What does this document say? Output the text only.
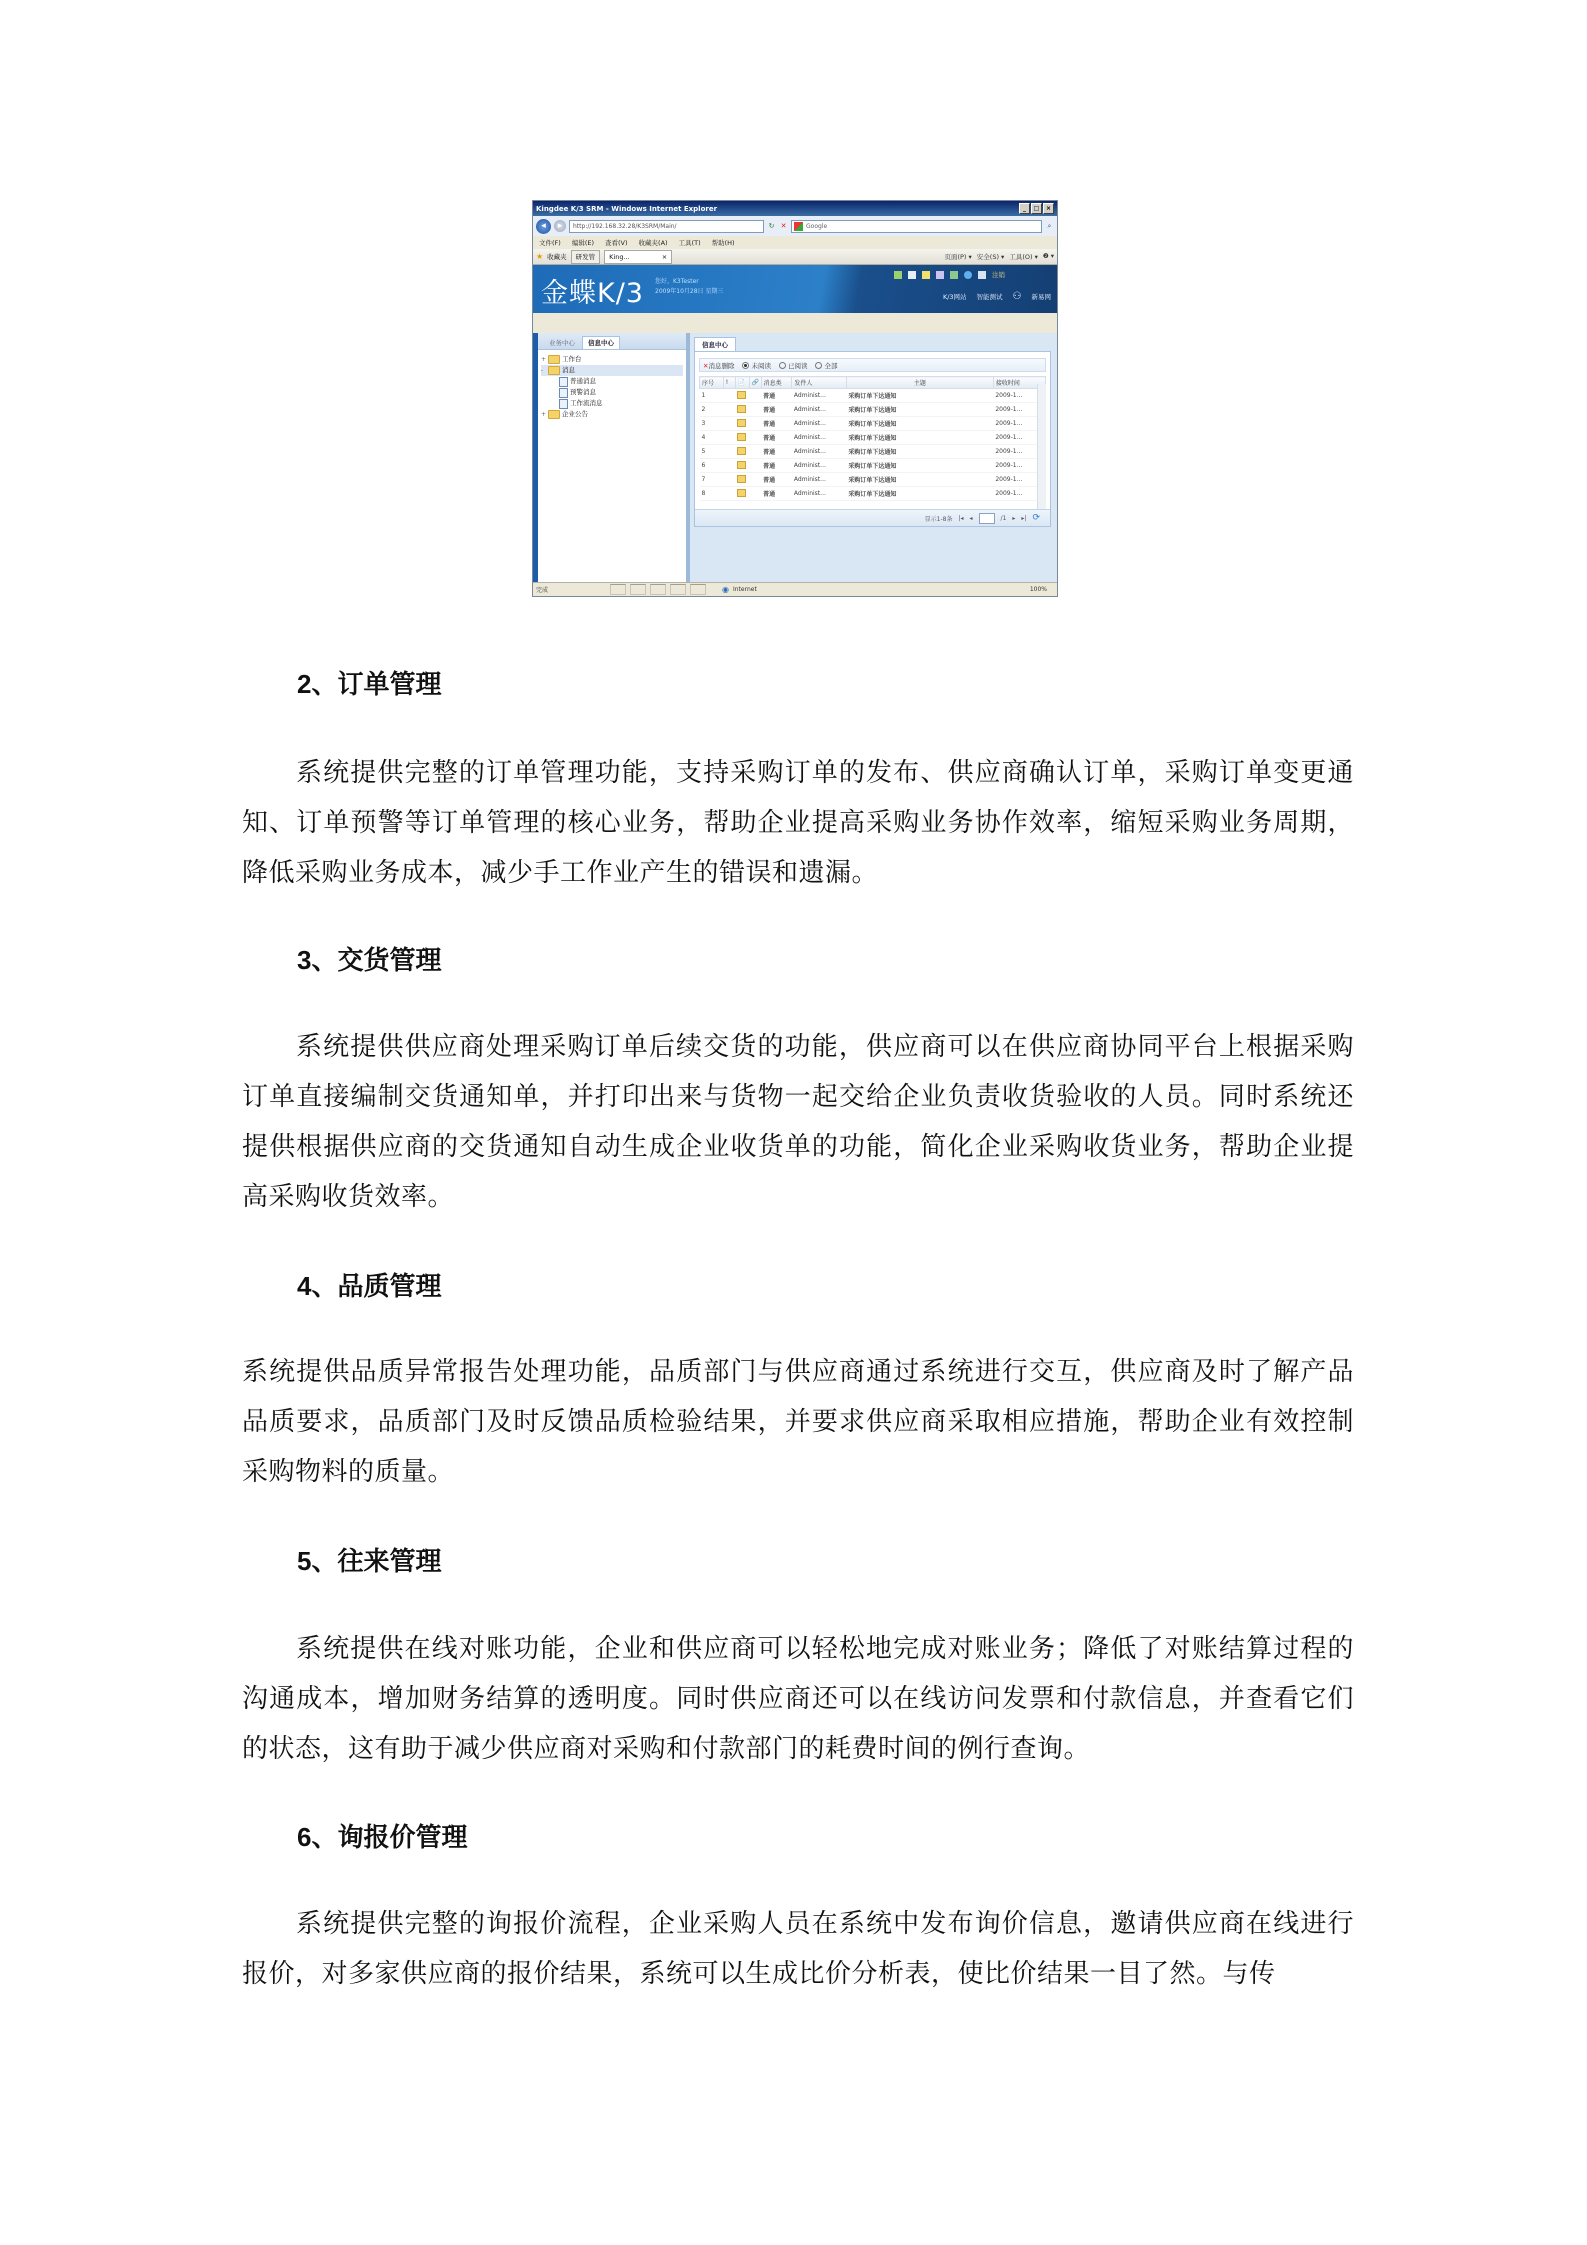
Kingdee K/3 SRM - Windows Internet Explorer	_	□	×
◂	▸	http://192.168.32.28/K3SRM/Main/	↻ ✕	Google	⌕
文件(F) 编辑(E) 查看(V) 收藏夹(A) 工具(T) 帮助(H)
★ 收藏夹 研发管 King...	×	页面(P) ▾ 安全(S) ▾ 工具(O) ▾ ❷ ▾
金蝶K/3 您好，K3Tester
2009年10月28日 星期三
注销
K/3网站 智能测试 ⚇ 新易网
业务中心	信息中心
+ 工作台
-	消息
普通消息
预警消息
工作流消息
+ 企业公告
信息中心
✕消息删除	未阅读	已阅读	全部
序号	!	📄	🔗	消息类	发件人	主题	接收时间
1				普通	Administ...	采购订单下达通知	2009-1...
2				普通	Administ...	采购订单下达通知	2009-1...
3				普通	Administ...	采购订单下达通知	2009-1...
4				普通	Administ...	采购订单下达通知	2009-1...
5				普通	Administ...	采购订单下达通知	2009-1...
6				普通	Administ...	采购订单下达通知	2009-1...
7				普通	Administ...	采购订单下达通知	2009-1...
8				普通	Administ...	采购订单下达通知	2009-1...
显示1-8条 |◂ ◂	/1 ▸ ▸| ⟳
完成	◉ Internet	100%
2、订单管理

系统提供完整的订单管理功能，支持采购订单的发布、供应商确认订单，采购订单变更通知、订单预警等订单管理的核心业务，帮助企业提高采购业务协作效率，缩短采购业务周期，降低采购业务成本，减少手工作业产生的错误和遗漏。

3、交货管理

系统提供供应商处理采购订单后续交货的功能，供应商可以在供应商协同平台上根据采购订单直接编制交货通知单，并打印出来与货物一起交给企业负责收货验收的人员。同时系统还提供根据供应商的交货通知自动生成企业收货单的功能，简化企业采购收货业务，帮助企业提高采购收货效率。

4、品质管理

系统提供品质异常报告处理功能，品质部门与供应商通过系统进行交互，供应商及时了解产品品质要求，品质部门及时反馈品质检验结果，并要求供应商采取相应措施，帮助企业有效控制采购物料的质量。

5、往来管理

系统提供在线对账功能，企业和供应商可以轻松地完成对账业务；降低了对账结算过程的沟通成本，增加财务结算的透明度。同时供应商还可以在线访问发票和付款信息，并查看它们的状态，这有助于减少供应商对采购和付款部门的耗费时间的例行查询。

6、询报价管理

系统提供完整的询报价流程，企业采购人员在系统中发布询价信息，邀请供应商在线进行报价，对多家供应商的报价结果，系统可以生成比价分析表，使比价结果一目了然。与传
